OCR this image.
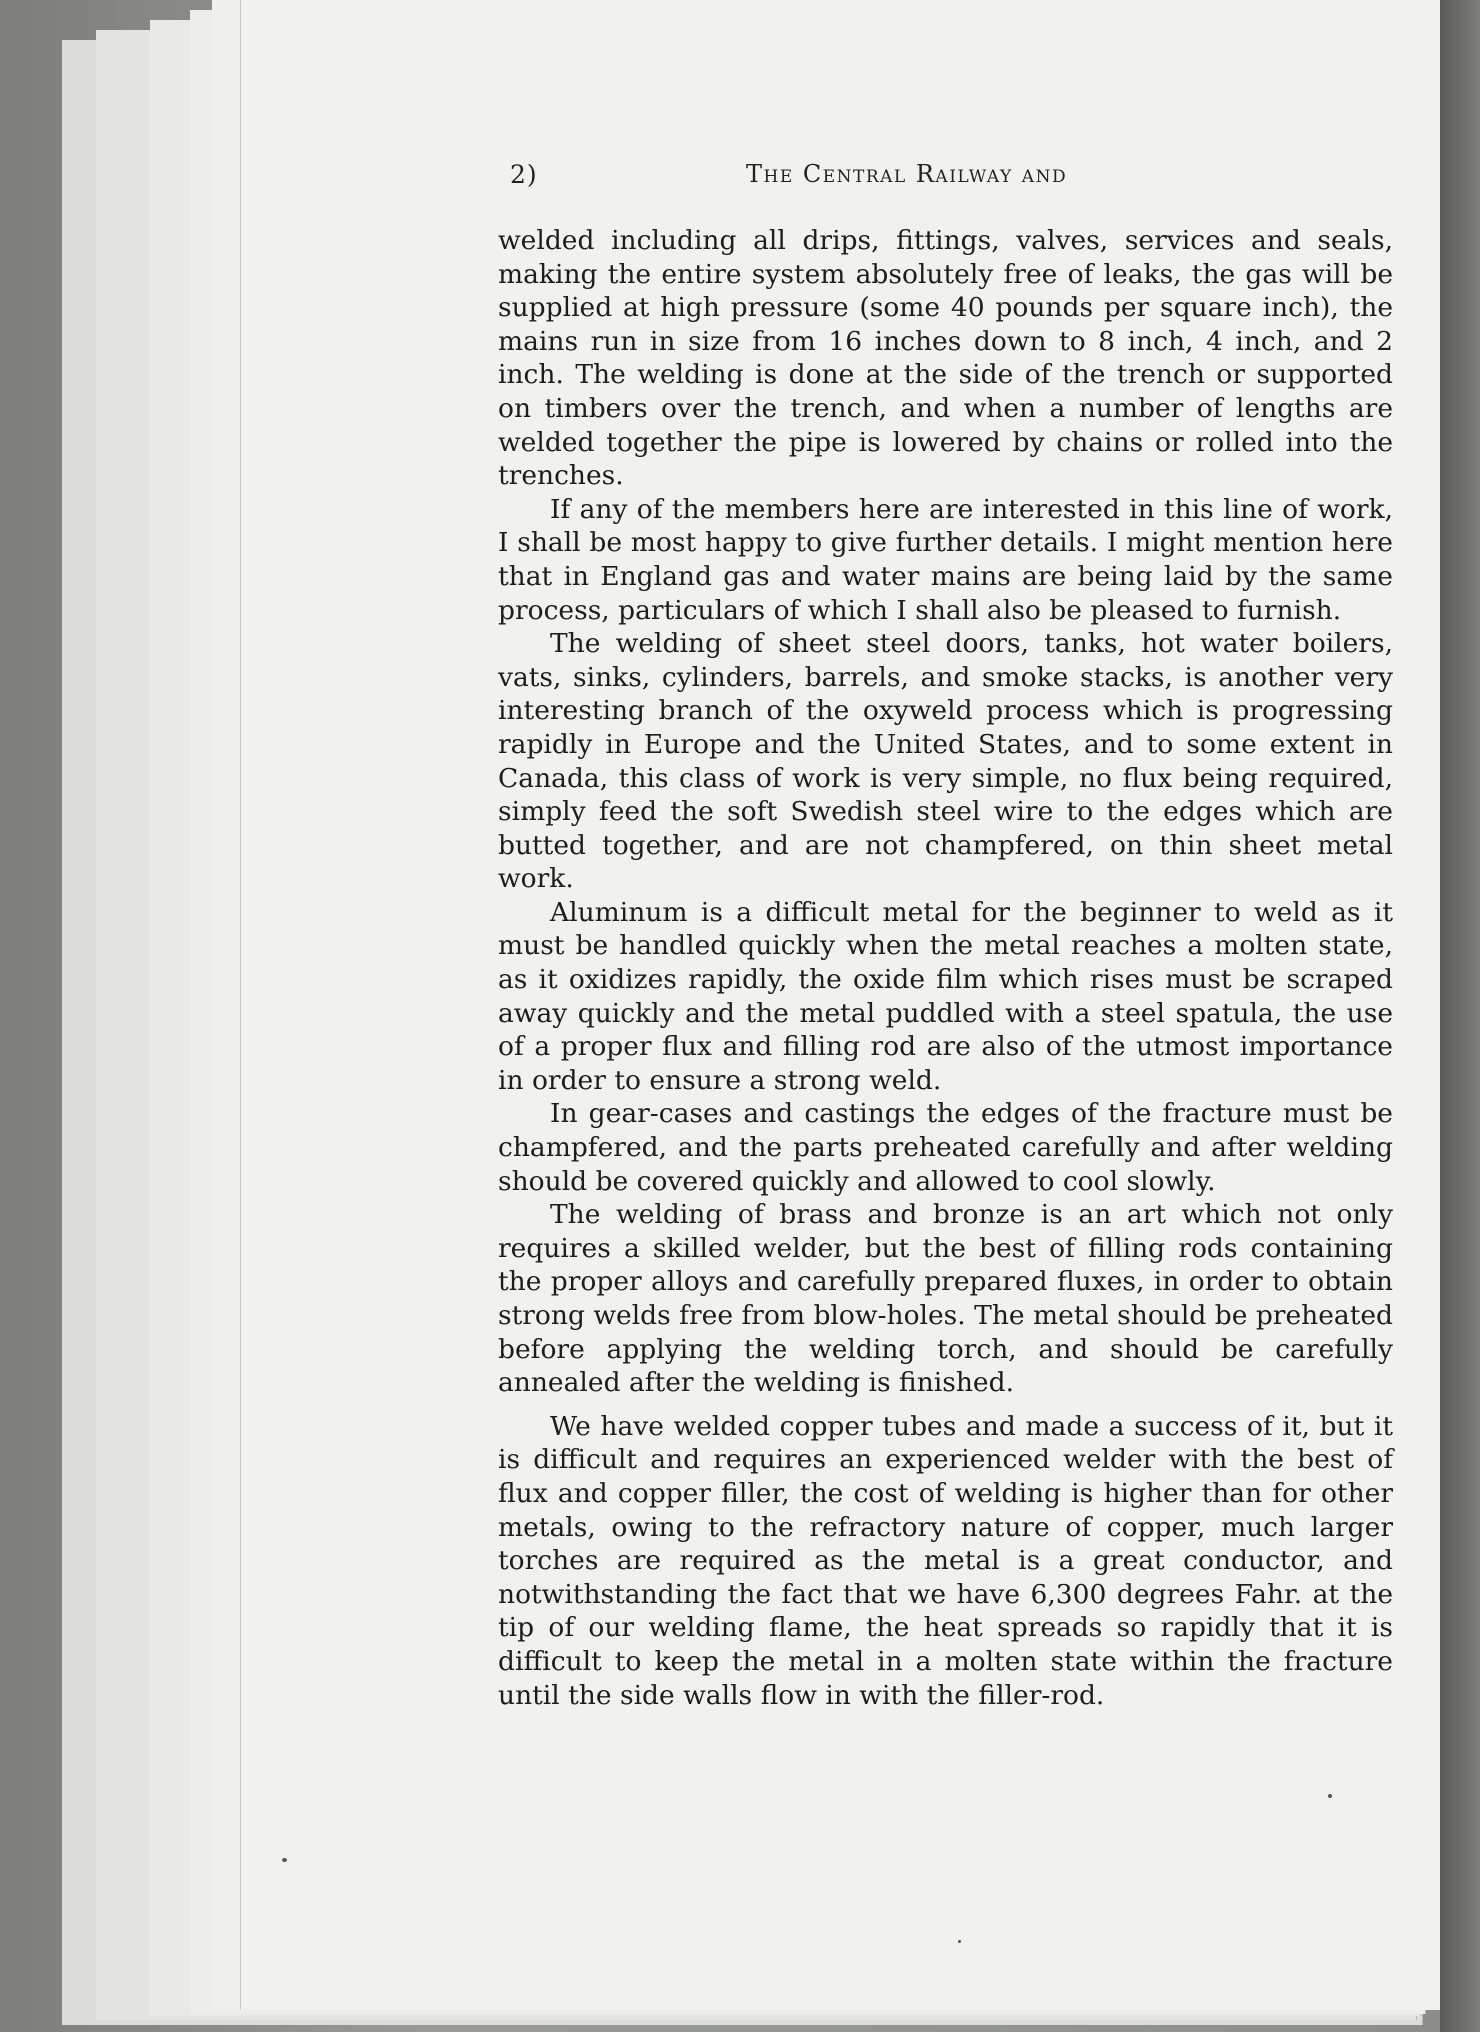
2)	The Central Railway and

welded including all drips, fittings, valves, services and seals, making the entire system absolutely free of leaks, the gas will be supplied at high pressure (some 40 pounds per square inch), the mains run in size from 16 inches down to 8 inch, 4 inch, and 2 inch. The welding is done at the side of the trench or supported on timbers over the trench, and when a number of lengths are welded together the pipe is lowered by chains or rolled into the trenches.

If any of the members here are interested in this line of work, I shall be most happy to give further details. I might mention here that in England gas and water mains are being laid by the same process, particulars of which I shall also be pleased to furnish.

The welding of sheet steel doors, tanks, hot water boilers, vats, sinks, cylinders, barrels, and smoke stacks, is another very interesting branch of the oxyweld process which is progressing rapidly in Europe and the United States, and to some extent in Canada, this class of work is very simple, no flux being required, simply feed the soft Swedish steel wire to the edges which are butted together, and are not champfered, on thin sheet metal work.

Aluminum is a difficult metal for the beginner to weld as it must be handled quickly when the metal reaches a molten state, as it oxidizes rapidly, the oxide film which rises must be scraped away quickly and the metal puddled with a steel spatula, the use of a proper flux and filling rod are also of the utmost importance in order to ensure a strong weld.

In gear-cases and castings the edges of the fracture must be champfered, and the parts preheated carefully and after welding should be covered quickly and allowed to cool slowly.

The welding of brass and bronze is an art which not only requires a skilled welder, but the best of filling rods containing the proper alloys and carefully prepared fluxes, in order to obtain strong welds free from blow-holes. The metal should be preheated before applying the welding torch, and should be carefully annealed after the welding is finished.

We have welded copper tubes and made a success of it, but it is difficult and requires an experienced welder with the best of flux and copper filler, the cost of welding is higher than for other metals, owing to the refractory nature of copper, much larger torches are required as the metal is a great conductor, and notwithstanding the fact that we have 6,300 degrees Fahr. at the tip of our welding flame, the heat spreads so rapidly that it is difficult to keep the metal in a molten state within the fracture until the side walls flow in with the filler-rod.
